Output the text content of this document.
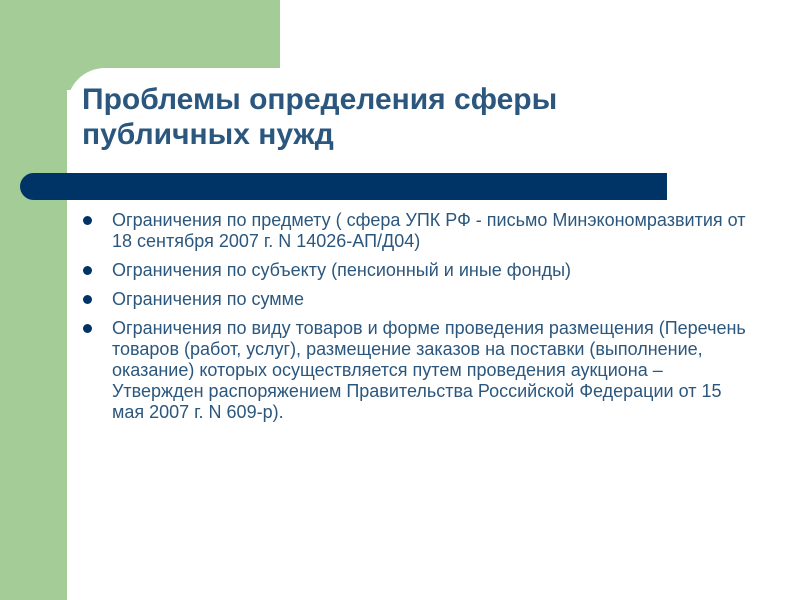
Проблемы определения сферы публичных нужд
Ограничения по предмету ( сфера УПК РФ - письмо Минэкономразвития от 18 сентября 2007 г. N 14026-АП/Д04)
Ограничения по субъекту (пенсионный и иные фонды)
Ограничения по сумме
Ограничения по виду товаров и форме проведения размещения (Перечень товаров (работ, услуг), размещение заказов на поставки (выполнение, оказание) которых осуществляется путем проведения аукциона – Утвержден распоряжением Правительства Российской Федерации от 15 мая 2007 г. N 609-р).
